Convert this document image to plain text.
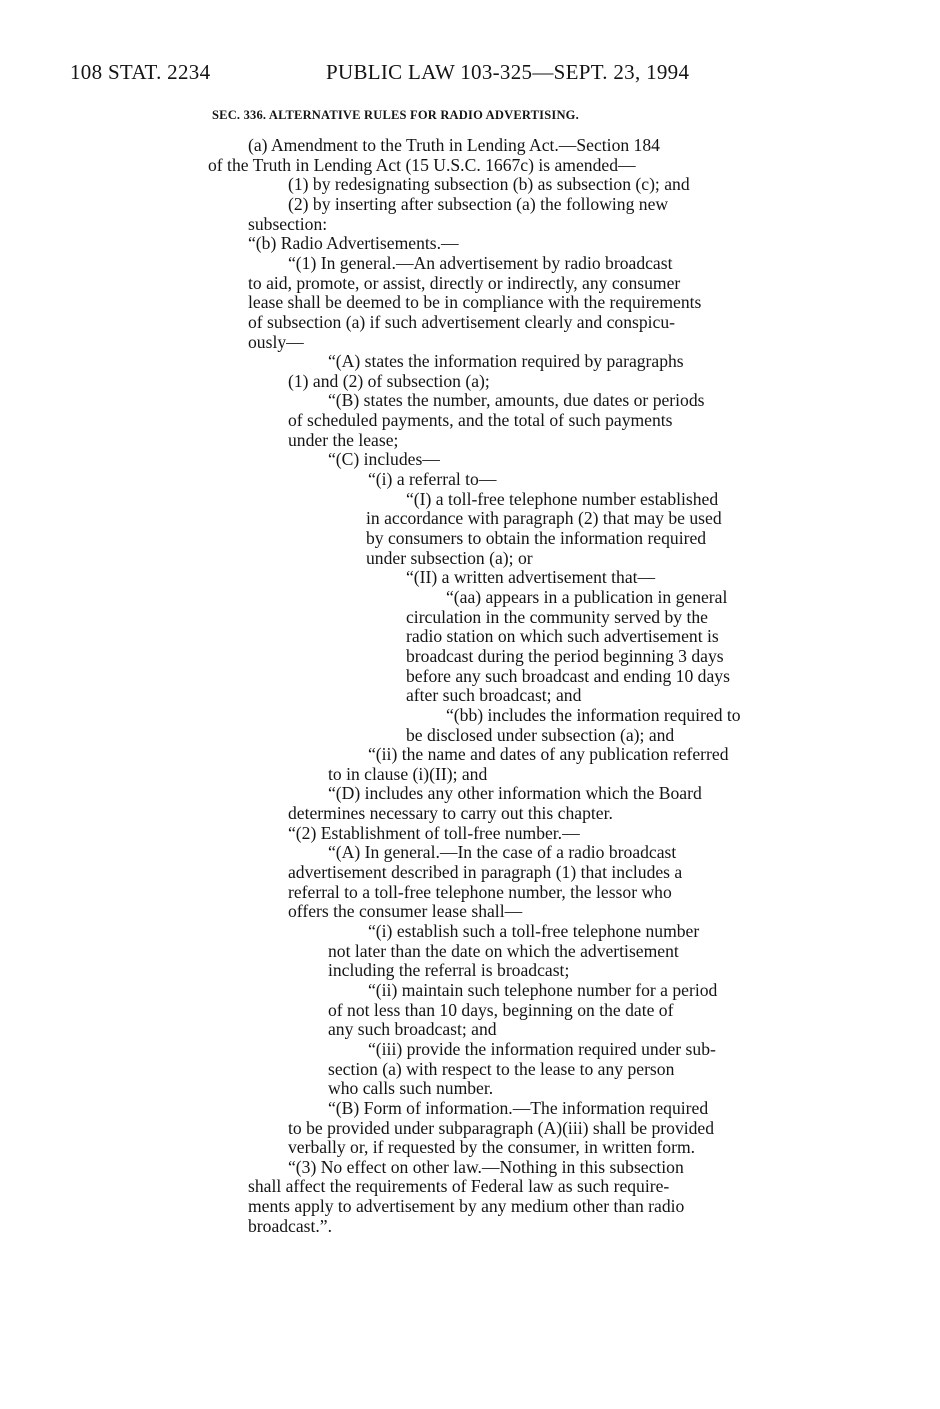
108 STAT. 2234	PUBLIC LAW 103-325—SEPT. 23, 1994
SEC. 336. ALTERNATIVE RULES FOR RADIO ADVERTISING.
(a) Amendment to the Truth in Lending Act.—Section 184
of the Truth in Lending Act (15 U.S.C. 1667c) is amended—
(1) by redesignating subsection (b) as subsection (c); and
(2) by inserting after subsection (a) the following new
subsection:
“(b) Radio Advertisements.—
“(1) In general.—An advertisement by radio broadcast
to aid, promote, or assist, directly or indirectly, any consumer
lease shall be deemed to be in compliance with the requirements
of subsection (a) if such advertisement clearly and conspicu-
ously—
“(A) states the information required by paragraphs
(1) and (2) of subsection (a);
“(B) states the number, amounts, due dates or periods
of scheduled payments, and the total of such payments
under the lease;
“(C) includes—
“(i) a referral to—
“(I) a toll-free telephone number established
in accordance with paragraph (2) that may be used
by consumers to obtain the information required
under subsection (a); or
“(II) a written advertisement that—
“(aa) appears in a publication in general
circulation in the community served by the
radio station on which such advertisement is
broadcast during the period beginning 3 days
before any such broadcast and ending 10 days
after such broadcast; and
“(bb) includes the information required to
be disclosed under subsection (a); and
“(ii) the name and dates of any publication referred
to in clause (i)(II); and
“(D) includes any other information which the Board
determines necessary to carry out this chapter.
“(2) Establishment of toll-free number.—
“(A) In general.—In the case of a radio broadcast
advertisement described in paragraph (1) that includes a
referral to a toll-free telephone number, the lessor who
offers the consumer lease shall—
“(i) establish such a toll-free telephone number
not later than the date on which the advertisement
including the referral is broadcast;
“(ii) maintain such telephone number for a period
of not less than 10 days, beginning on the date of
any such broadcast; and
“(iii) provide the information required under sub-
section (a) with respect to the lease to any person
who calls such number.
“(B) Form of information.—The information required
to be provided under subparagraph (A)(iii) shall be provided
verbally or, if requested by the consumer, in written form.
“(3) No effect on other law.—Nothing in this subsection
shall affect the requirements of Federal law as such require-
ments apply to advertisement by any medium other than radio
broadcast.”.
